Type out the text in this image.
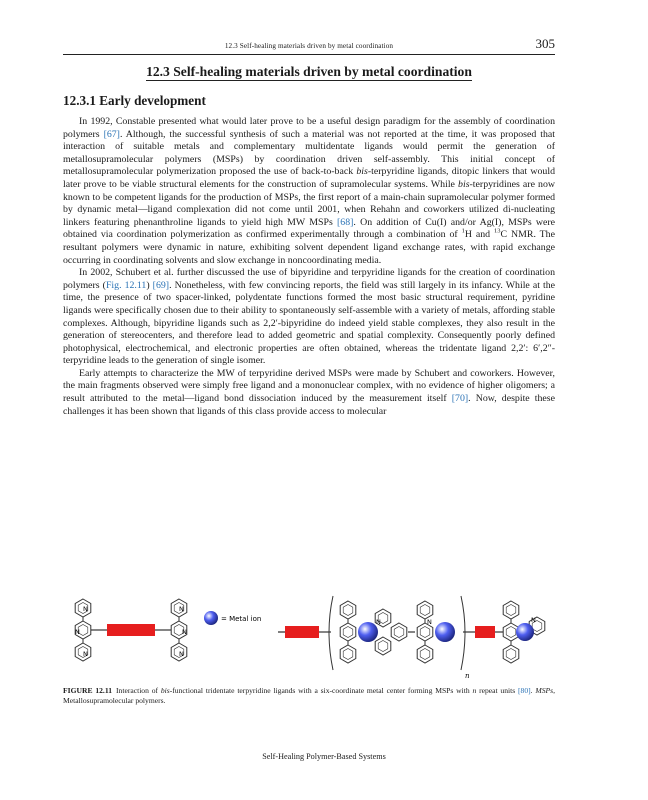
12.3 Self-healing materials driven by metal coordination	305
12.3 Self-healing materials driven by metal coordination
12.3.1 Early development

In 1992, Constable presented what would later prove to be a useful design paradigm for the assembly of coordination polymers [67]. Although, the successful synthesis of such a material was not reported at the time, it was proposed that interaction of suitable metals and complementary multidentate ligands would permit the generation of metallosupramolecular polymers (MSPs) by coordination driven self-assembly. This initial concept of metallosupramolecular polymerization proposed the use of back-to-back bis-terpyridine ligands, ditopic linkers that would later prove to be viable structural elements for the construction of supramolecular systems. While bis-terpyridines are now known to be competent ligands for the production of MSPs, the first report of a main-chain supramolecular polymer formed by dynamic metal—ligand complexation did not come until 2001, when Rehahn and coworkers utilized di-nucleating linkers featuring phenanthroline ligands to yield high MW MSPs [68]. On addition of Cu(I) and/or Ag(I), MSPs were obtained via coordination polymerization as confirmed experimentally through a combination of $^1$H and $^{13}$C NMR. The resultant polymers were dynamic in nature, exhibiting solvent dependent ligand exchange rates, with rapid exchange occurring in coordinating solvents and slow exchange in noncoordinating media.

In 2002, Schubert et al. further discussed the use of bipyridine and terpyridine ligands for the creation of coordination polymers (Fig. 12.11) [69]. Nonetheless, with few convincing reports, the field was still largely in its infancy. While at the time, the presence of two spacer-linked, polydentate functions formed the most basic structural requirement, pyridine ligands were specifically chosen due to their ability to spontaneously self-assemble with a variety of metals, affording stable complexes. Although, bipyridine ligands such as 2,2′-bipyridine do indeed yield stable complexes, they also result in the generation of stereocenters, and therefore lead to added geometric and spatial complexity. Consequently poorly defined photophysical, electrochemical, and electronic properties are often obtained, whereas the tridentate ligand 2,2′: 6′,2″-terpyridine leads to the generation of single isomer.

Early attempts to characterize the MW of terpyridine derived MSPs were made by Schubert and coworkers. However, the main fragments observed were simply free ligand and a mononuclear complex, with no evidence of higher oligomers; a result attributed to the metal—ligand bond dissociation induced by the measurement itself [70]. Now, despite these challenges it has been shown that ligands of this class provide access to molecular

N
N
N
N
N
N
= Metal ion	N	N
n
N
FIGURE 12.11 Interaction of bis-functional tridentate terpyridine ligands with a six-coordinate metal center forming MSPs with n repeat units [80]. MSPs, Metallosupramolecular polymers.
Self-Healing Polymer-Based Systems
